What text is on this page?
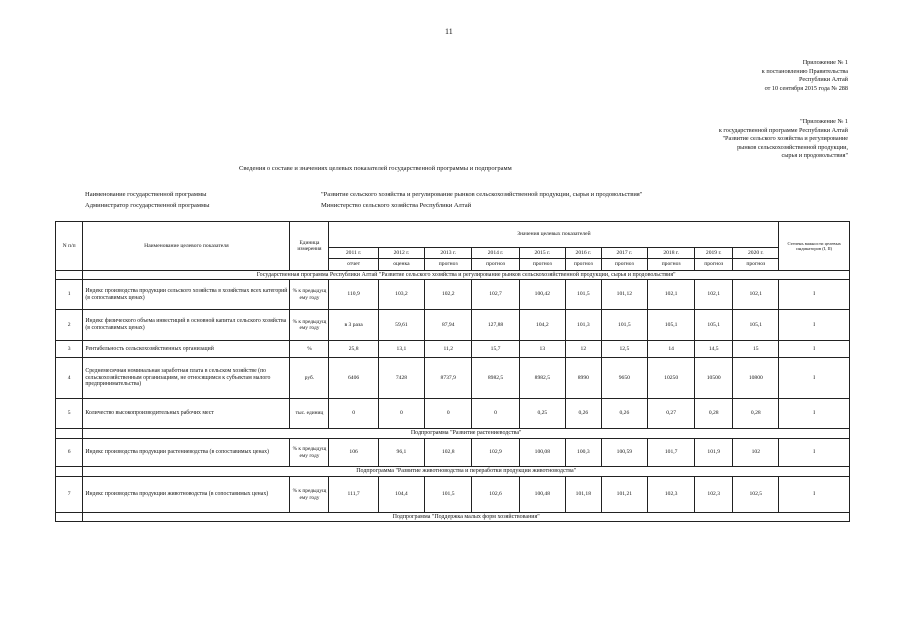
11
Приложение № 1
к постановлению Правительства
Республики Алтай
от 10 сентября 2015 года № 288
"Приложение № 1
к государственной программе Республики Алтай
"Развитие сельского хозяйства и регулирование
рынков сельскохозяйственной продукции,
сырья и продовольствия"
Сведения о составе и значениях целевых показателей государственной программы и подпрограмм
Наименование государственной программы	"Развитие сельского хозяйства и регулирование рынков сельскохозяйственной продукции, сырья и продовольствия"
Администратор государственной программы	Министерство сельского хозяйства Республики Алтай
N п/п	Наименование целевого показателя	Единица измерения	Значения целевых показателей										Степень важности целевых индикаторов (I, II)
			2011 г.	2012 г.	2013 г.	2014 г.	2015 г.	2016 г.	2017 г.	2018 г.	2019 г.	2020 г.	
			отчет	оценка	прогноз	прогноз	прогноз	прогноз	прогноз	прогноз	прогноз	прогноз	
	Государственная программа Республики Алтай "Развитие сельского хозяйства и регулирование рынков сельскохозяйственной продукции, сырья и продовольствия"												
1	Индекс производства продукции сельского хозяйства в хозяйствах всех категорий (в сопоставимых ценах)	% к предыдущ ему году	110,9	103,2	102,2	102,7	100,42	101,5	101,12	102,1	102,1	102,1	I
2	Индекс физического объема инвестиций в основной капитал сельского хозяйства (в сопоставимых ценах)	% к предыдущ ему году	в 3 раза	59,61	87,94	127,88	104,2	101,3	101,5	105,1	105,1	105,1	I
3	Рентабельность сельскохозяйственных организаций	%	25,8	13,1	11,2	15,7	13	12	12,5	14	14,5	15	I
4	Среднемесячная номинальная заработная плата в сельском хозяйстве (по сельскохозяйственным организациям, не относящимся к субъектам малого предпринимательства)	руб.	6406	7428	8737,9	8982,5	8982,5	8990	9650	10250	10500	10800	I
5	Количество высокопроизводительных рабочих мест	тыс. единиц	0	0	0	0	0,25	0,26	0,26	0,27	0,28	0,28	I
	Подпрограмма "Развитие растениеводства"												
6	Индекс производства продукции растениеводства (в сопоставимых ценах)	% к предыдущ ему году	106	96,1	102,8	102,9	100,08	100,3	100,59	101,7	101,9	102	I
	Подпрограмма "Развитие животноводства и переработки продукции животноводства"												
7	Индекс производства продукции животноводства (в сопоставимых ценах)	% к предыдущ ему году	111,7	104,4	101,5	102,6	100,48	101,18	101,21	102,3	102,3	102,5	I
	Подпрограмма "Поддержка малых форм хозяйствования"												
